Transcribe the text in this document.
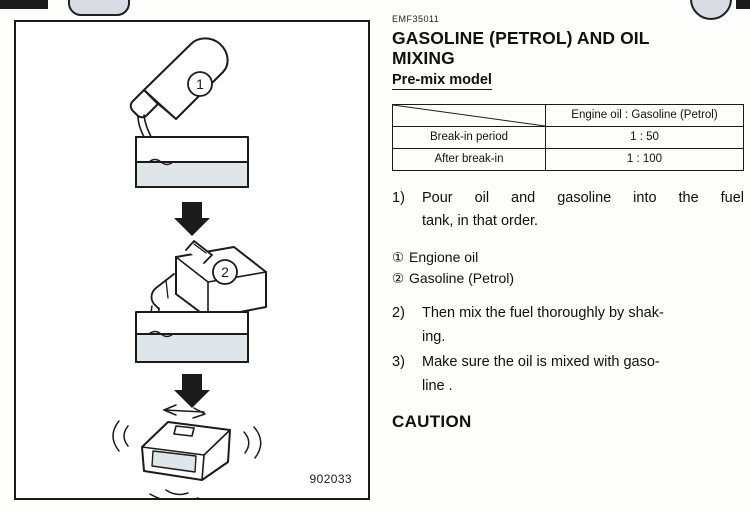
1
2
902033
EMF35011
GASOLINE (PETROL) AND OIL
MIXING
Pre-mix model
	Engine oil : Gasoline (Petrol)
Break-in period	1 : 50
After break-in	1 : 100
1)	Pour oil and gasoline into the fuel
tank, in that order.
① Engione oil
② Gasoline (Petrol)
2)	Then mix the fuel thoroughly by shak-
ing.
3)	Make sure the oil is mixed with gaso-
line .
CAUTION
